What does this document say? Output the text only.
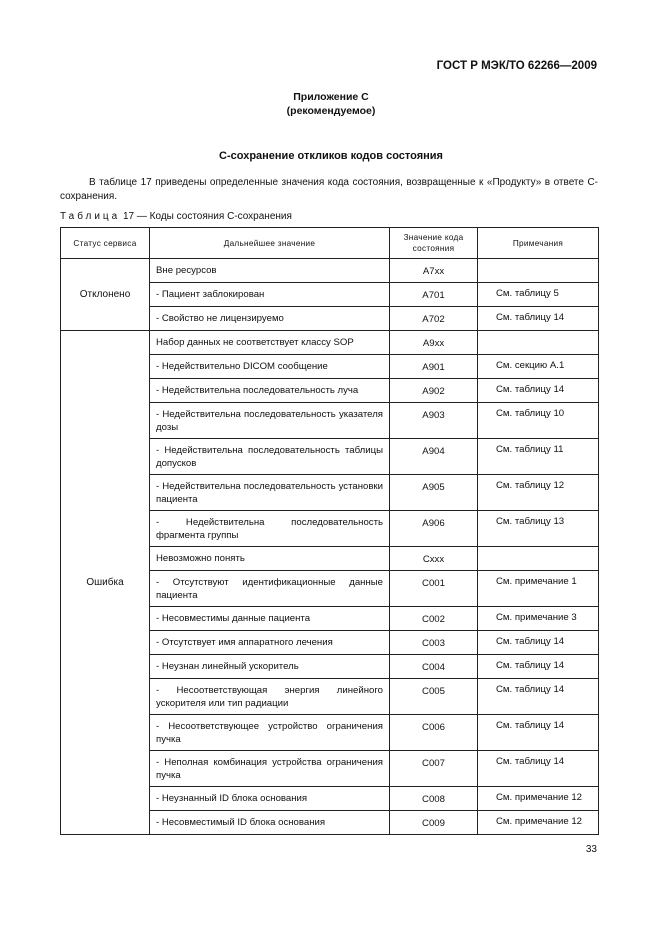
ГОСТ Р МЭК/ТО 62266—2009
Приложение С
(рекомендуемое)
С-сохранение откликов кодов состояния
В таблице 17 приведены определенные значения кода состояния, возвращенные к «Продукту» в ответе С-сохранения.
Таблица 17 — Коды состояния С-сохранения
Статус сервиса	Дальнейшее значение	Значение кода состояния	Примечания
Отклонено	Вне ресурсов	A7xx	
	- Пациент заблокирован	A701	См. таблицу 5
	- Свойство не лицензируемо	A702	См. таблицу 14
Ошибка	Набор данных не соответствует классу SOP	A9xx	
	- Недействительно DICOM сообщение	A901	См. секцию А.1
	- Недействительна последовательность луча	A902	См. таблицу 14
	- Недействительна последовательность указателя дозы	A903	См. таблицу 10
	- Недействительна последовательность таблицы допусков	A904	См. таблицу 11
	- Недействительна последовательность установки пациента	A905	См. таблицу 12
	- Недействительна последовательность фрагмента группы	A906	См. таблицу 13
	Невозможно понять	Cxxx	
	- Отсутствуют идентификационные данные пациента	C001	См. примечание 1
	- Несовместимы данные пациента	C002	См. примечание 3
	- Отсутствует имя аппаратного лечения	C003	См. таблицу 14
	- Неузнан линейный ускоритель	C004	См. таблицу 14
	- Несоответствующая энергия линейного ускорителя или тип радиации	C005	См. таблицу 14
	- Несоответствующее устройство ограничения пучка	C006	См. таблицу 14
	- Неполная комбинация устройства ограничения пучка	C007	См. таблицу 14
	- Неузнанный ID блока основания	C008	См. примечание 12
	- Несовместимый ID блока основания	C009	См. примечание 12
33
